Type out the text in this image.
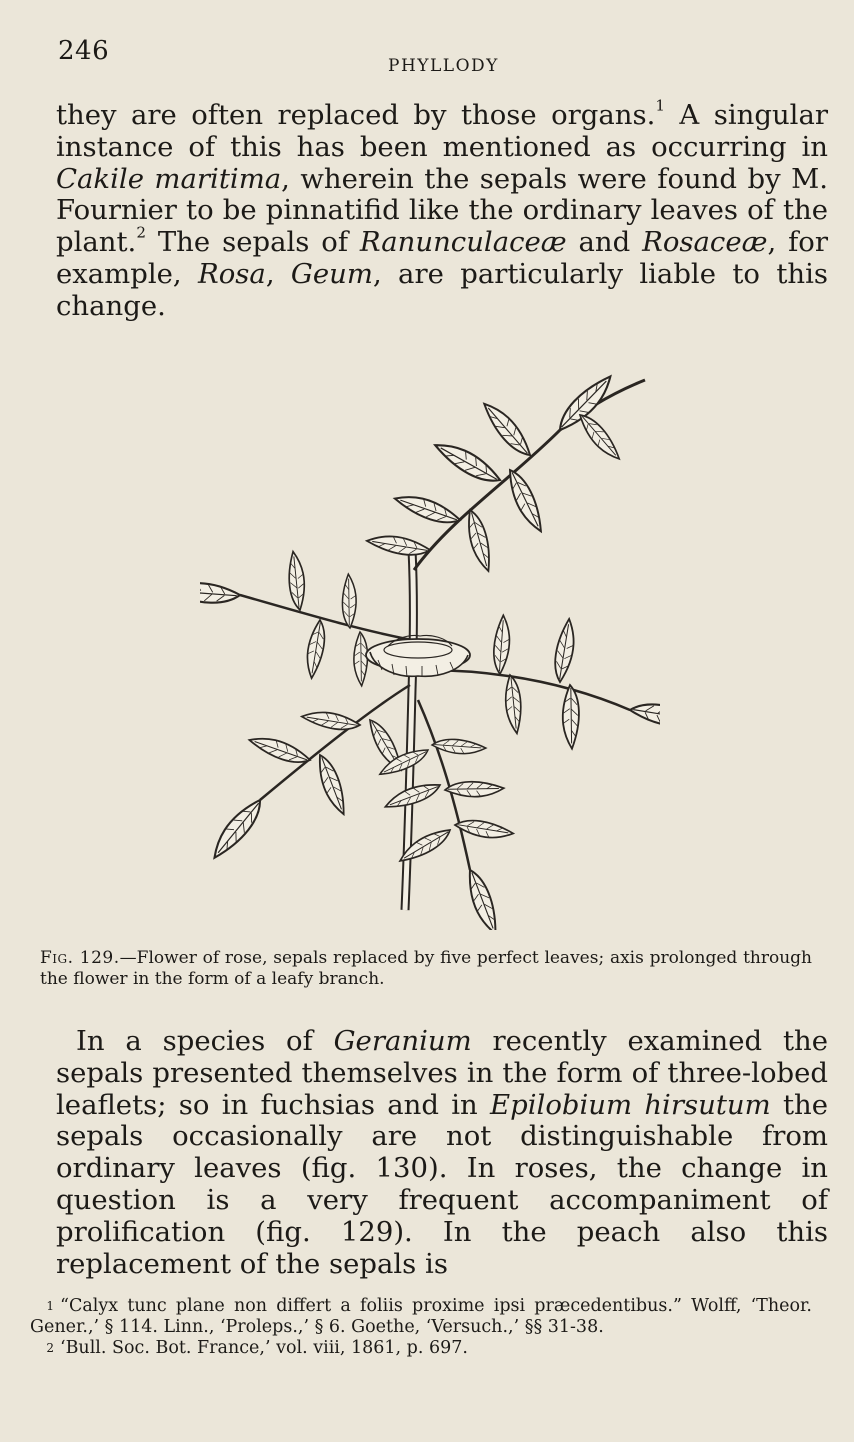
246	PHYLLODY
they are often replaced by those organs.$^1$ A singular instance of this has been mentioned as occurring in Cakile maritima, wherein the sepals were found by M. Fournier to be pinnatifid like the ordinary leaves of the plant.$^2$ The sepals of Ranunculaceæ and Rosaceæ, for example, Rosa, Geum, are particularly liable to this change.
Fig. 129.—Flower of rose, sepals replaced by five perfect leaves; axis prolonged through the flower in the form of a leafy branch.
In a species of Geranium recently examined the sepals presented themselves in the form of three-lobed leaflets; so in fuchsias and in Epilobium hirsutum the sepals occasionally are not distinguishable from ordinary leaves (fig. 130). In roses, the change in question is a very frequent accompaniment of prolification (fig. 129). In the peach also this replacement of the sepals is

1 “Calyx tunc plane non differt a foliis proxime ipsi præcedentibus.” Wolff, ‘Theor. Gener.,’ § 114. Linn., ‘Proleps.,’ § 6. Goethe, ‘Versuch.,’ §§ 31-38.

2 ‘Bull. Soc. Bot. France,’ vol. viii, 1861, p. 697.
